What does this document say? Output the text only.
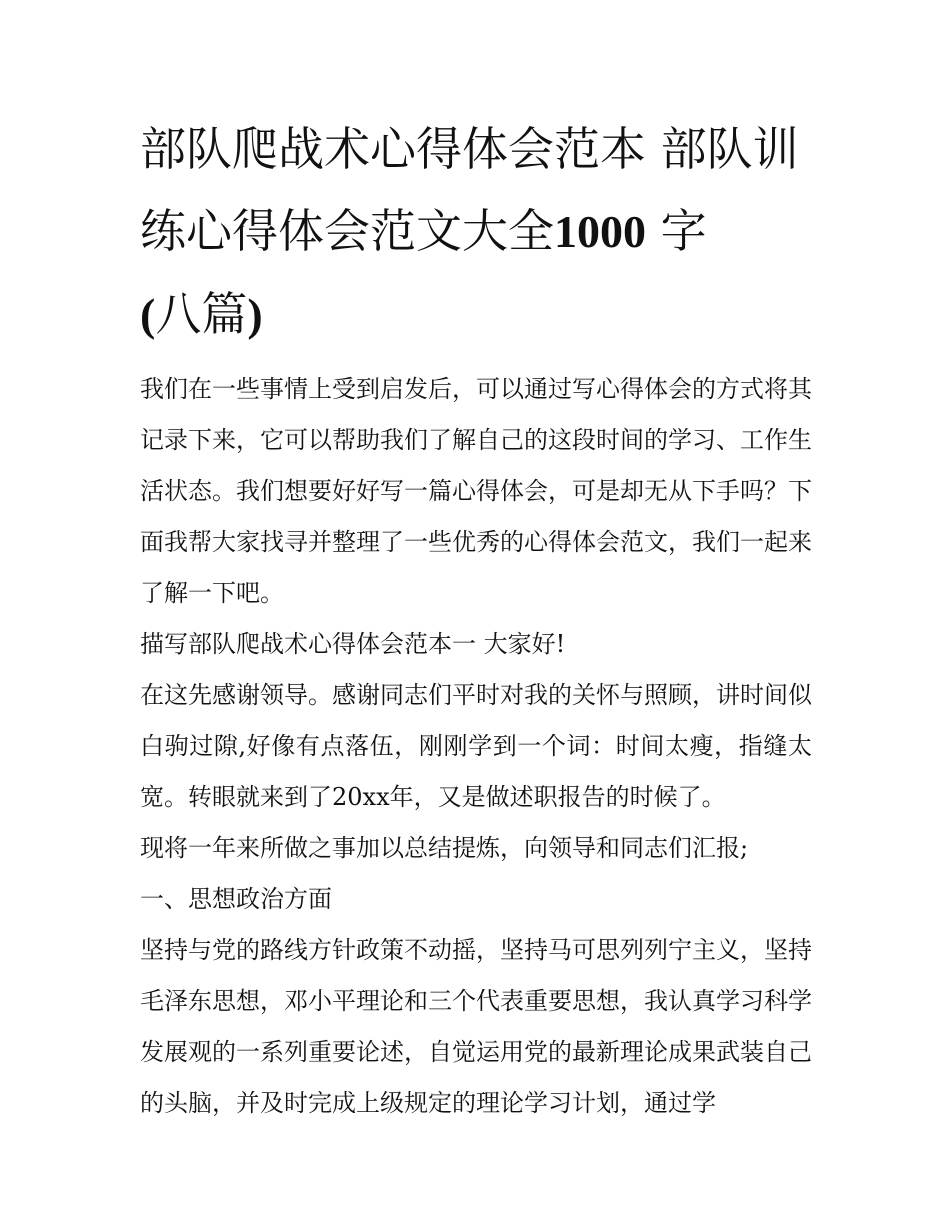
部队爬战术心得体会范本 部队训练心得体会范文大全1000 字
(八篇)

我们在一些事情上受到启发后，可以通过写心得体会的方式将其记录下来，它可以帮助我们了解自己的这段时间的学习、工作生活状态。我们想要好好写一篇心得体会，可是却无从下手吗？下面我帮大家找寻并整理了一些优秀的心得体会范文，我们一起来了解一下吧。

描写部队爬战术心得体会范本一 大家好!

在这先感谢领导。感谢同志们平时对我的关怀与照顾，讲时间似白驹过隙,好像有点落伍，刚刚学到一个词：时间太瘦，指缝太宽。转眼就来到了20xx年，又是做述职报告的时候了。

现将一年来所做之事加以总结提炼，向领导和同志们汇报;

一、思想政治方面

坚持与党的路线方针政策不动摇，坚持马可思列列宁主义，坚持毛泽东思想，邓小平理论和三个代表重要思想，我认真学习科学发展观的一系列重要论述，自觉运用党的最新理论成果武装自己的头脑，并及时完成上级规定的理论学习计划，通过学
